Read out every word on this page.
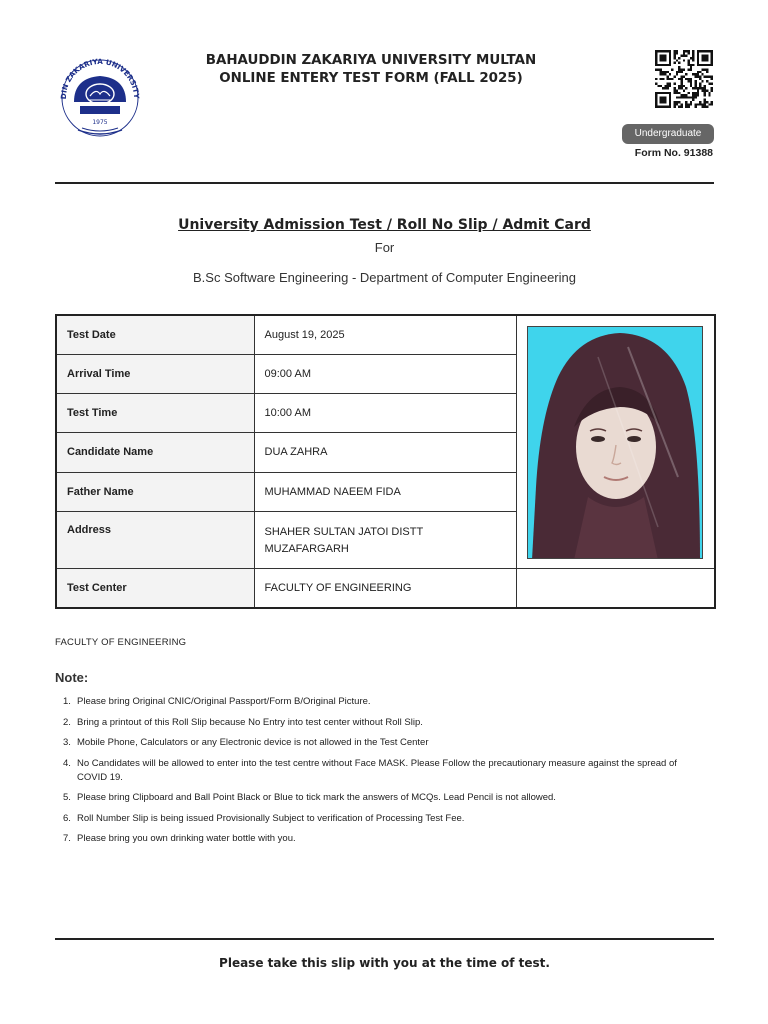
DIN ZAKARIYA UNIVERSITY
1975
BAHAUDDIN ZAKARIYA UNIVERSITY MULTAN
ONLINE ENTERY TEST FORM (FALL 2025)
Undergraduate
Form No. 91388
University Admission Test / Roll No Slip / Admit Card
For
B.Sc Software Engineering - Department of Computer Engineering
Test Date	August 19, 2025	

Arrival Time	09:00 AM	
Test Time	10:00 AM	
Candidate Name	DUA ZAHRA	
Father Name	MUHAMMAD NAEEM FIDA	
Address	SHAHER SULTAN JATOI DISTT MUZAFARGARH	
Test Center	FACULTY OF ENGINEERING	
FACULTY OF ENGINEERING
Note:
1. Please bring Original CNIC/Original Passport/Form B/Original Picture.
2. Bring a printout of this Roll Slip because No Entry into test center without Roll Slip.
3. Mobile Phone, Calculators or any Electronic device is not allowed in the Test Center
4. No Candidates will be allowed to enter into the test centre without Face MASK. Please Follow the precautionary measure against the spread of COVID 19.
5. Please bring Clipboard and Ball Point Black or Blue to tick mark the answers of MCQs. Lead Pencil is not allowed.
6. Roll Number Slip is being issued Provisionally Subject to verification of Processing Test Fee.
7. Please bring you own drinking water bottle with you.
Please take this slip with you at the time of test.
